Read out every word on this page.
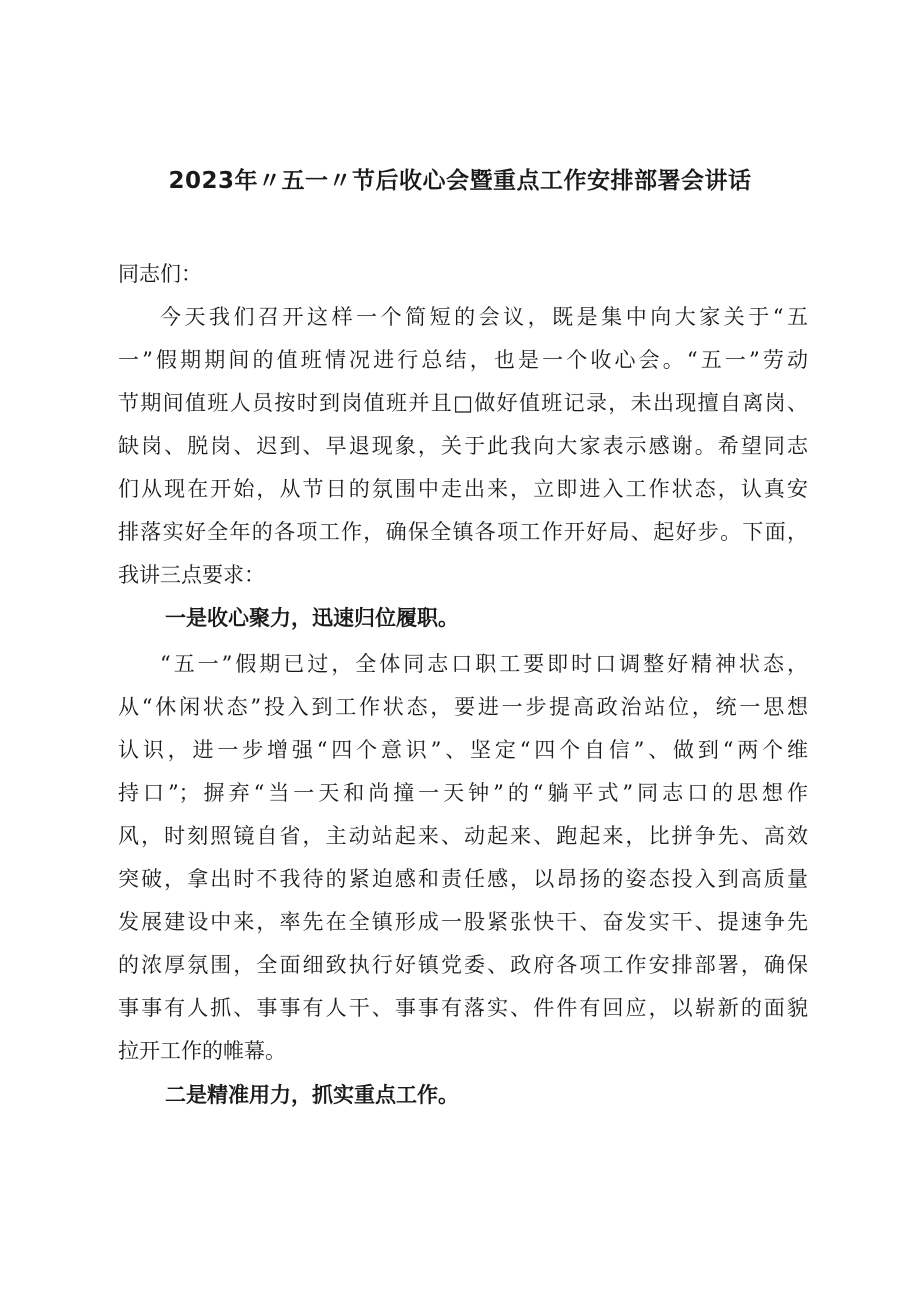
2023年〃五一〃节后收心会暨重点工作安排部署会讲话
同志们：
今天我们召开这样一个简短的会议，既是集中向大家关于“五
一”假期期间的值班情况进行总结，也是一个收心会。“五一”劳动
节期间值班人员按时到岗值班并且□做好值班记录，未出现擅自离岗、
缺岗、脱岗、迟到、早退现象，关于此我向大家表示感谢。希望同志
们从现在开始，从节日的氛围中走出来，立即进入工作状态，认真安
排落实好全年的各项工作，确保全镇各项工作开好局、起好步。下面，
我讲三点要求：
一是收心聚力，迅速归位履职。
“五一”假期已过，全体同志口职工要即时口调整好精神状态，
从“休闲状态”投入到工作状态，要进一步提高政治站位，统一思想
认识，进一步增强“四个意识”、坚定“四个自信”、做到“两个维
持口”；摒弃“当一天和尚撞一天钟”的“躺平式”同志口的思想作
风，时刻照镜自省，主动站起来、动起来、跑起来，比拼争先、高效
突破，拿出时不我待的紧迫感和责任感，以昂扬的姿态投入到高质量
发展建设中来，率先在全镇形成一股紧张快干、奋发实干、提速争先
的浓厚氛围，全面细致执行好镇党委、政府各项工作安排部署，确保
事事有人抓、事事有人干、事事有落实、件件有回应，以崭新的面貌
拉开工作的帷幕。
二是精准用力，抓实重点工作。
